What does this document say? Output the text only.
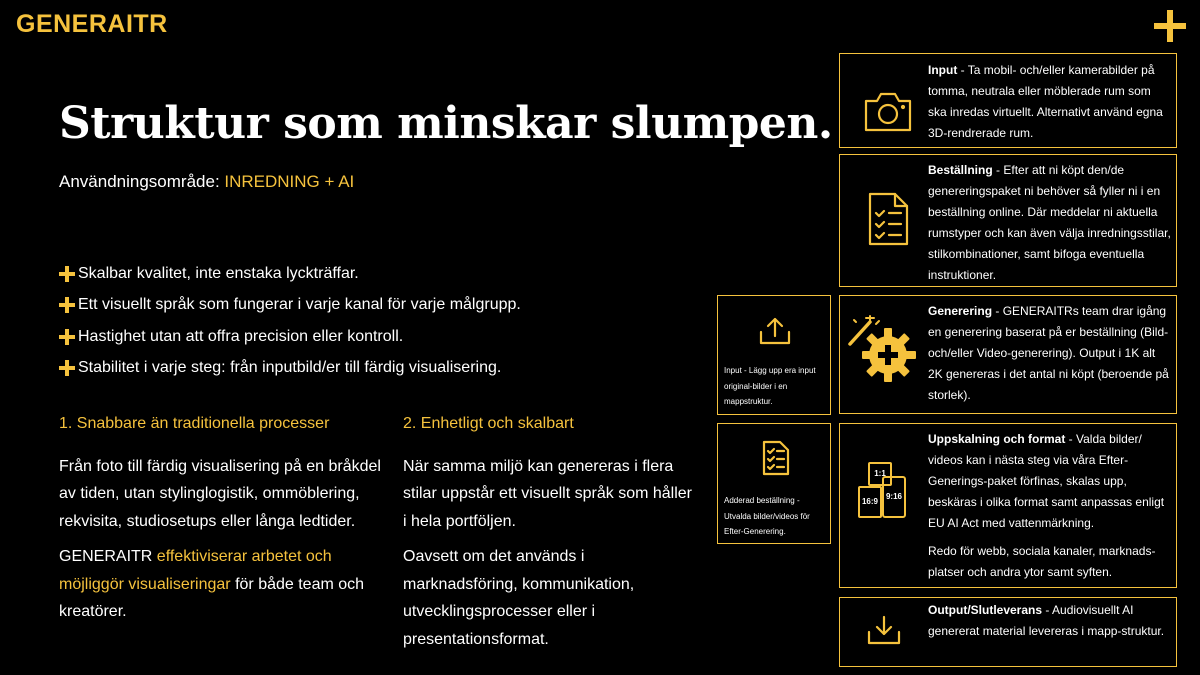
GENERAITR
Struktur som minskar slumpen.
Användningsområde: INREDNING + AI
Skalbar kvalitet, inte enstaka lyckträffar.
Ett visuellt språk som fungerar i varje kanal för varje målgrupp.
Hastighet utan att offra precision eller kontroll.
Stabilitet i varje steg: från inputbild/er till färdig visualisering.
1. Snabbare än traditionella processer

Från foto till färdig visualisering på en bråkdel av tiden, utan stylinglogistik, ommöblering, rekvisita, studiosetups eller långa ledtider.

GENERAITR effektiviserar arbetet och möjliggör visualiseringar för både team och kreatörer.

2. Enhetligt och skalbart

När samma miljö kan genereras i flera stilar uppstår ett visuellt språk som håller i hela portföljen.

Oavsett om det används i marknadsföring, kommunikation, utvecklingsprocesser eller i presentationsformat.

Input - Lägg upp era input original-bilder i en mappstruktur.
Adderad beställning - Utvalda bilder/videos för Efter-Generering.
Input - Ta mobil- och/eller kamerabilder på tomma, neutrala eller möblerade rum som ska inredas virtuellt. Alternativt använd egna 3D-rendrerade rum.
Beställning - Efter att ni köpt den/de genereringspaket ni behöver så fyller ni i en beställning online. Där meddelar ni aktuella rumstyper och kan även välja inredningsstilar, stilkombinationer, samt bifoga eventuella instruktioner.
Generering - GENERAITRs team drar igång en generering baserat på er beställning (Bild- och/eller Video-generering). Output i 1K alt 2K genereras i det antal ni köpt (beroende på storlek).
1:1
16:9
9:16

Uppskalning och format - Valda bilder/ videos kan i nästa steg via våra Efter-Generings-paket förfinas, skalas upp, beskäras i olika format samt anpassas enligt EU AI Act med vattenmärkning.

Redo för webb, sociala kanaler, marknads-platser och andra ytor samt syften.

Output/Slutleverans - Audiovisuellt AI genererat material levereras i mapp-struktur.
